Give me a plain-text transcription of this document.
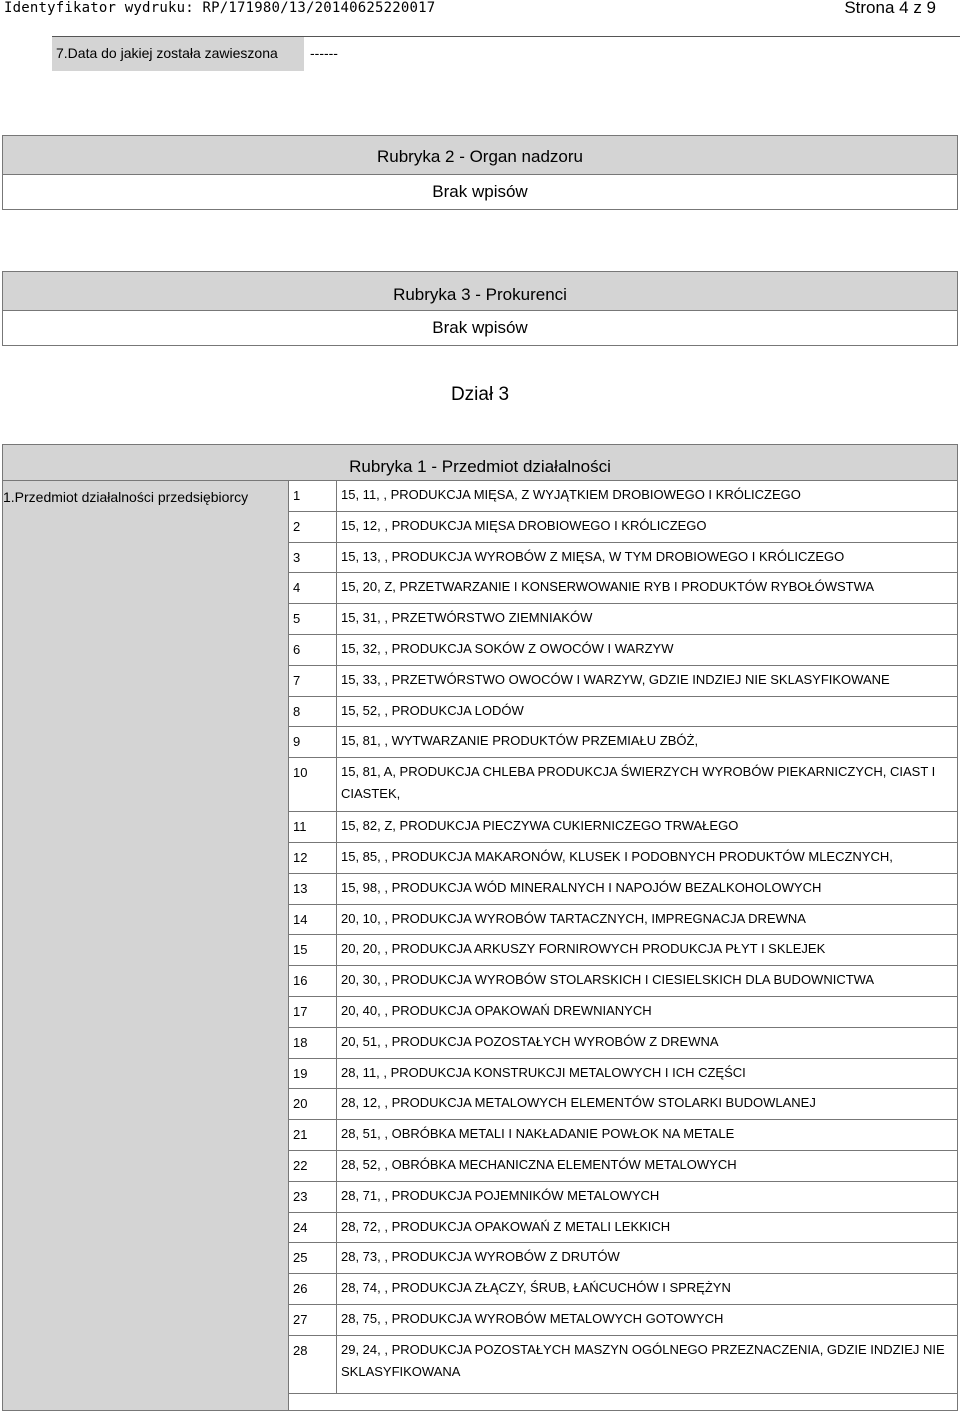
Identyfikator wydruku: RP/171980/13/20140625220017	Strona 4 z 9
7.Data do jakiej została zawieszona	------
Rubryka 2 - Organ nadzoru
Brak wpisów
Rubryka 3 - Prokurenci
Brak wpisów
Dział 3
Rubryka 1 - Przedmiot działalności
1.Przedmiot działalności przedsiębiorcy	1	15, 11, , PRODUKCJA MIĘSA, Z WYJĄTKIEM DROBIOWEGO I KRÓLICZEGO
2	15, 12, , PRODUKCJA MIĘSA DROBIOWEGO I KRÓLICZEGO
3	15, 13, , PRODUKCJA WYROBÓW Z MIĘSA, W TYM DROBIOWEGO I KRÓLICZEGO
4	15, 20, Z, PRZETWARZANIE I KONSERWOWANIE RYB I PRODUKTÓW RYBOŁÓWSTWA
5	15, 31, , PRZETWÓRSTWO ZIEMNIAKÓW
6	15, 32, , PRODUKCJA SOKÓW Z OWOCÓW I WARZYW
7	15, 33, , PRZETWÓRSTWO OWOCÓW I WARZYW, GDZIE INDZIEJ NIE SKLASYFIKOWANE
8	15, 52, , PRODUKCJA LODÓW
9	15, 81, , WYTWARZANIE PRODUKTÓW PRZEMIAŁU ZBÓŻ,
10	15, 81, A, PRODUKCJA CHLEBA PRODUKCJA ŚWIERZYCH WYROBÓW PIEKARNICZYCH, CIAST I CIASTEK,
11	15, 82, Z, PRODUKCJA PIECZYWA CUKIERNICZEGO TRWAŁEGO
12	15, 85, , PRODUKCJA MAKARONÓW, KLUSEK I PODOBNYCH PRODUKTÓW MLECZNYCH,
13	15, 98, , PRODUKCJA WÓD MINERALNYCH I NAPOJÓW BEZALKOHOLOWYCH
14	20, 10, , PRODUKCJA WYROBÓW TARTACZNYCH, IMPREGNACJA DREWNA
15	20, 20, , PRODUKCJA ARKUSZY FORNIROWYCH PRODUKCJA PŁYT I SKLEJEK
16	20, 30, , PRODUKCJA WYROBÓW STOLARSKICH I CIESIELSKICH DLA BUDOWNICTWA
17	20, 40, , PRODUKCJA OPAKOWAŃ DREWNIANYCH
18	20, 51, , PRODUKCJA POZOSTAŁYCH WYROBÓW Z DREWNA
19	28, 11, , PRODUKCJA KONSTRUKCJI METALOWYCH I ICH CZĘŚCI
20	28, 12, , PRODUKCJA METALOWYCH ELEMENTÓW STOLARKI BUDOWLANEJ
21	28, 51, , OBRÓBKA METALI I NAKŁADANIE POWŁOK NA METALE
22	28, 52, , OBRÓBKA MECHANICZNA ELEMENTÓW METALOWYCH
23	28, 71, , PRODUKCJA POJEMNIKÓW METALOWYCH
24	28, 72, , PRODUKCJA OPAKOWAŃ Z METALI LEKKICH
25	28, 73, , PRODUKCJA WYROBÓW Z DRUTÓW
26	28, 74, , PRODUKCJA ZŁĄCZY, ŚRUB, ŁAŃCUCHÓW I SPRĘŻYN
27	28, 75, , PRODUKCJA WYROBÓW METALOWYCH GOTOWYCH
28	29, 24, , PRODUKCJA POZOSTAŁYCH MASZYN OGÓLNEGO PRZEZNACZENIA, GDZIE INDZIEJ NIE SKLASYFIKOWANA
